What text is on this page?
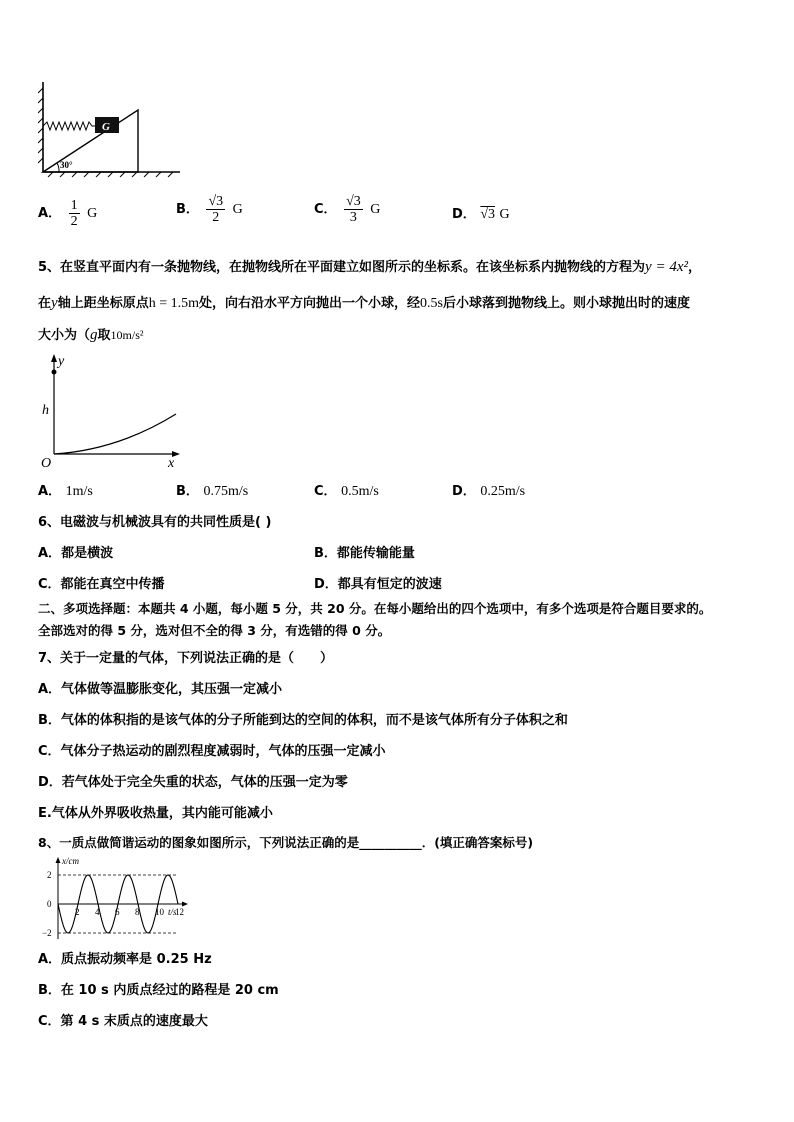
G
30°
A． $\frac{1}{2}$ G	B． $\frac{√3}{2}$ G	C． $\frac{√3}{3}$ G	D． √3 G
5、在竖直平面内有一条抛物线，在抛物线所在平面建立如图所示的坐标系。在该坐标系内抛物线的方程为y = 4x²，
在y轴上距坐标原点h = 1.5m处，向右沿水平方向抛出一个小球，经0.5s后小球落到抛物线上。则小球抛出时的速度
大小为（g取10m/s²
y
h
O	x
A． 1m/s	B． 0.75m/s	C． 0.5m/s	D． 0.25m/s
6、电磁波与机械波具有的共同性质是( )
A．都是横波	B．都能传输能量
C．都能在真空中传播	D．都具有恒定的波速
二、多项选择题：本题共 4 小题，每小题 5 分，共 20 分。在每小题给出的四个选项中，有多个选项是符合题目要求的。
全部选对的得 5 分，选对但不全的得 3 分，有选错的得 0 分。
7、关于一定量的气体，下列说法正确的是（　　）
A．气体做等温膨胀变化，其压强一定减小
B．气体的体积指的是该气体的分子所能到达的空间的体积，而不是该气体所有分子体积之和
C．气体分子热运动的剧烈程度减弱时，气体的压强一定减小
D．若气体处于完全失重的状态，气体的压强一定为零
E.气体从外界吸收热量，其内能可能减小
8、一质点做简谐运动的图象如图所示，下列说法正确的是__________．(填正确答案标号)
2 4 6 8 10 12
x/cm
t/s
2
0
−2
A．质点振动频率是 0.25 Hz
B．在 10 s 内质点经过的路程是 20 cm
C．第 4 s 末质点的速度最大
